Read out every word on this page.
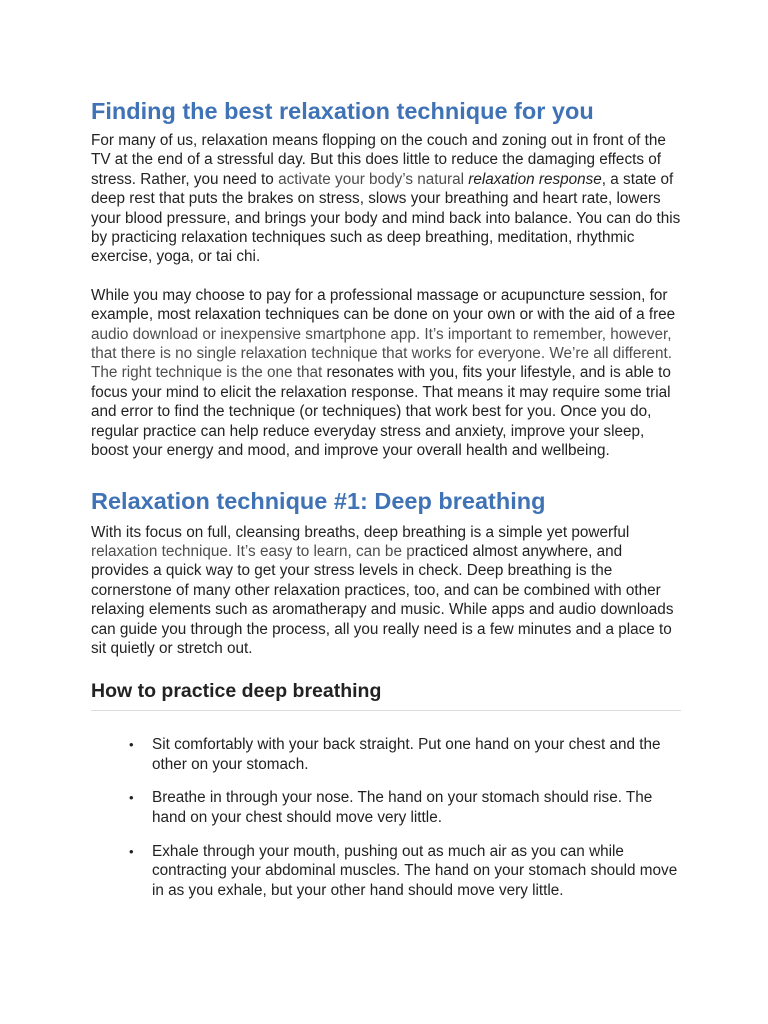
Finding the best relaxation technique for you

For many of us, relaxation means flopping on the couch and zoning out in front of the TV at the end of a stressful day. But this does little to reduce the damaging effects of stress. Rather, you need to activate your body’s natural relaxation response, a state of deep rest that puts the brakes on stress, slows your breathing and heart rate, lowers your blood pressure, and brings your body and mind back into balance. You can do this by practicing relaxation techniques such as deep breathing, meditation, rhythmic exercise, yoga, or tai chi.

While you may choose to pay for a professional massage or acupuncture session, for example, most relaxation techniques can be done on your own or with the aid of a free audio download or inexpensive smartphone app. It’s important to remember, however, that there is no single relaxation technique that works for everyone. We’re all different. The right technique is the one that resonates with you, fits your lifestyle, and is able to focus your mind to elicit the relaxation response. That means it may require some trial and error to find the technique (or techniques) that work best for you. Once you do, regular practice can help reduce everyday stress and anxiety, improve your sleep, boost your energy and mood, and improve your overall health and wellbeing.

Relaxation technique #1: Deep breathing

With its focus on full, cleansing breaths, deep breathing is a simple yet powerful relaxation technique. It’s easy to learn, can be practiced almost anywhere, and provides a quick way to get your stress levels in check. Deep breathing is the cornerstone of many other relaxation practices, too, and can be combined with other relaxing elements such as aromatherapy and music. While apps and audio downloads can guide you through the process, all you really need is a few minutes and a place to sit quietly or stretch out.

How to practice deep breathing
• Sit comfortably with your back straight. Put one hand on your chest and the other on your stomach.
• Breathe in through your nose. The hand on your stomach should rise. The hand on your chest should move very little.
• Exhale through your mouth, pushing out as much air as you can while contracting your abdominal muscles. The hand on your stomach should move in as you exhale, but your other hand should move very little.
